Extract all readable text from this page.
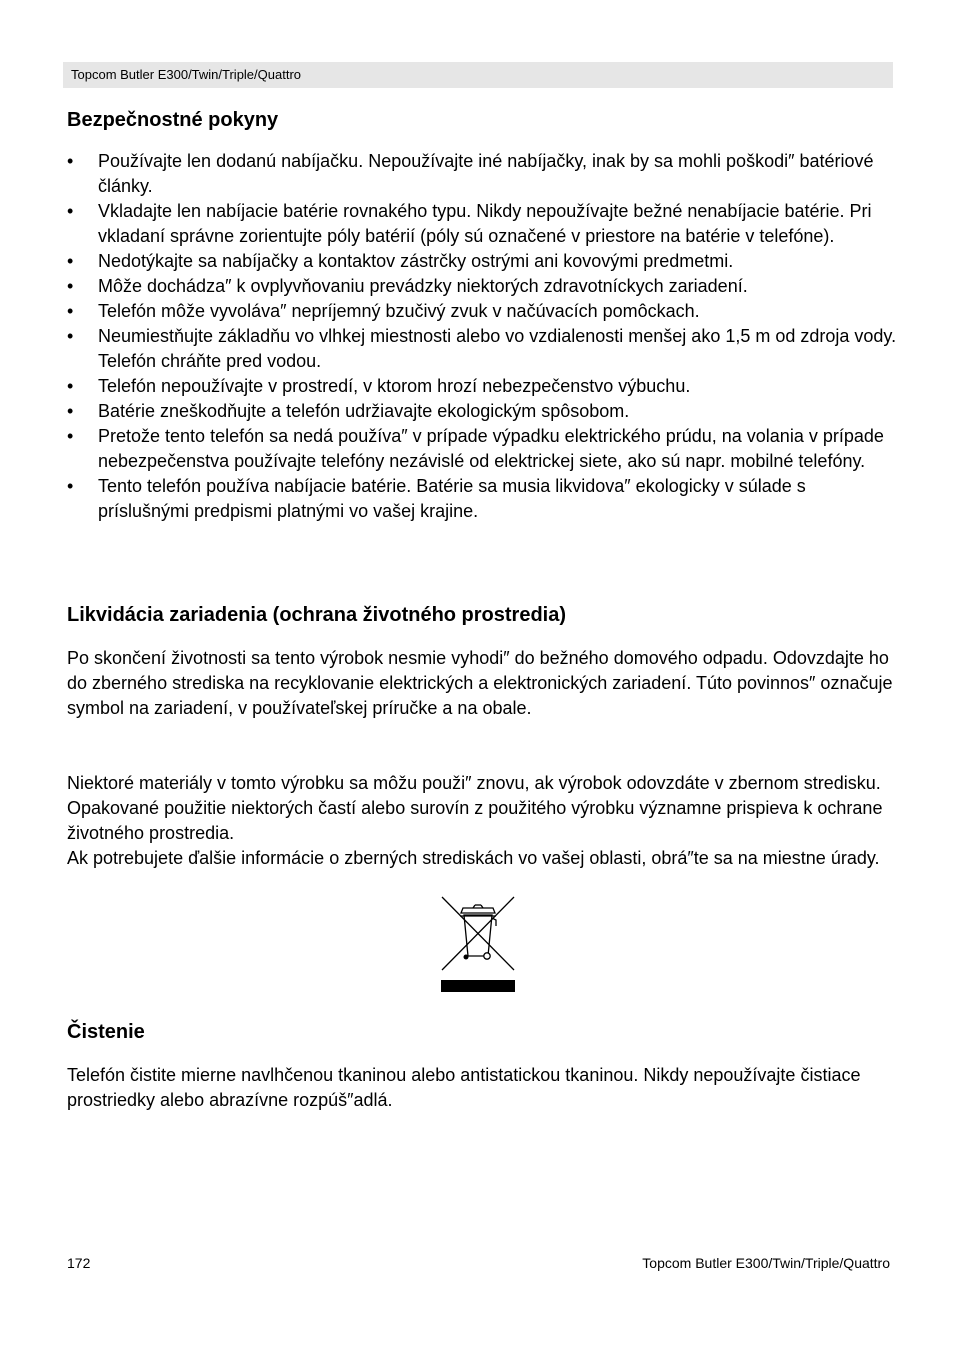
Topcom Butler E300/Twin/Triple/Quattro
Bezpečnostné pokyny
• Používajte len dodanú nabíjačku. Nepoužívajte iné nabíjačky, inak by sa mohli poškodi″ batériové články.
• Vkladajte len nabíjacie batérie rovnakého typu. Nikdy nepoužívajte bežné nenabíjacie batérie. Pri vkladaní správne zorientujte póly batérií (póly sú označené v priestore na batérie v telefóne).
• Nedotýkajte sa nabíjačky a kontaktov zástrčky ostrými ani kovovými predmetmi.
• Môže dochádza″ k ovplyvňovaniu prevádzky niektorých zdravotníckych zariadení.
• Telefón môže vyvoláva″ nepríjemný bzučivý zvuk v načúvacích pomôckach.
• Neumiestňujte základňu vo vlhkej miestnosti alebo vo vzdialenosti menšej ako 1,5 m od zdroja vody. Telefón chráňte pred vodou.
• Telefón nepoužívajte v prostredí, v ktorom hrozí nebezpečenstvo výbuchu.
• Batérie zneškodňujte a telefón udržiavajte ekologickým spôsobom.
• Pretože tento telefón sa nedá používa″ v prípade výpadku elektrického prúdu, na volania v prípade nebezpečenstva používajte telefóny nezávislé od elektrickej siete, ako sú napr. mobilné telefóny.
• Tento telefón používa nabíjacie batérie. Batérie sa musia likvidova″ ekologicky v súlade s príslušnými predpismi platnými vo vašej krajine.
Likvidácia zariadenia (ochrana životného prostredia)

Po skončení životnosti sa tento výrobok nesmie vyhodi″ do bežného domového odpadu. Odovzdajte ho do zberného strediska na recyklovanie elektrických a elektronických zariadení. Túto povinnos″ označuje symbol na zariadení, v používateľskej príručke a na obale.

Niektoré materiály v tomto výrobku sa môžu použi″ znovu, ak výrobok odovzdáte v zbernom stredisku. Opakované použitie niektorých častí alebo surovín z použitého výrobku významne prispieva k ochrane životného prostredia.

Ak potrebujete ďalšie informácie o zberných strediskách vo vašej oblasti, obrá″te sa na miestne úrady.

Čistenie

Telefón čistite mierne navlhčenou tkaninou alebo antistatickou tkaninou. Nikdy nepoužívajte čistiace prostriedky alebo abrazívne rozpúš″adlá.

172	Topcom Butler E300/Twin/Triple/Quattro
